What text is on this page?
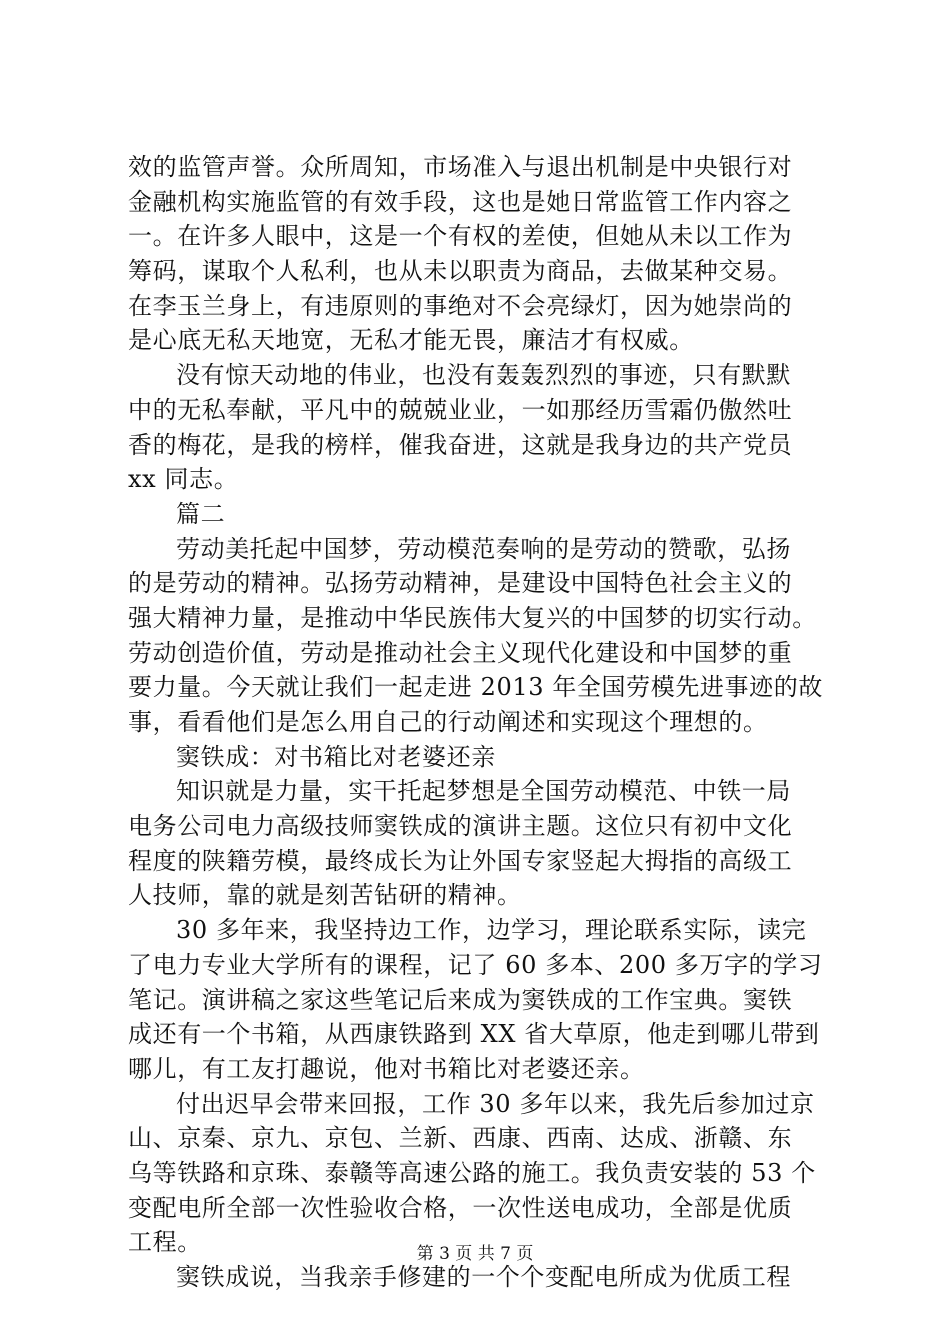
效的监管声誉。众所周知，市场准入与退出机制是中央银行对
金融机构实施监管的有效手段，这也是她日常监管工作内容之
一。在许多人眼中，这是一个有权的差使，但她从未以工作为
筹码，谋取个人私利，也从未以职责为商品，去做某种交易。
在李玉兰身上，有违原则的事绝对不会亮绿灯，因为她崇尚的
是心底无私天地宽，无私才能无畏，廉洁才有权威。
没有惊天动地的伟业，也没有轰轰烈烈的事迹，只有默默
中的无私奉献，平凡中的兢兢业业，一如那经历雪霜仍傲然吐
香的梅花，是我的榜样，催我奋进，这就是我身边的共产党员
xx 同志。
篇二
劳动美托起中国梦，劳动模范奏响的是劳动的赞歌，弘扬
的是劳动的精神。弘扬劳动精神，是建设中国特色社会主义的
强大精神力量，是推动中华民族伟大复兴的中国梦的切实行动。
劳动创造价值，劳动是推动社会主义现代化建设和中国梦的重
要力量。今天就让我们一起走进 2013 年全国劳模先进事迹的故
事，看看他们是怎么用自己的行动阐述和实现这个理想的。
窦铁成：对书箱比对老婆还亲
知识就是力量，实干托起梦想是全国劳动模范、中铁一局
电务公司电力高级技师窦铁成的演讲主题。这位只有初中文化
程度的陕籍劳模，最终成长为让外国专家竖起大拇指的高级工
人技师，靠的就是刻苦钻研的精神。
30 多年来，我坚持边工作，边学习，理论联系实际，读完
了电力专业大学所有的课程，记了 60 多本、200 多万字的学习
笔记。演讲稿之家这些笔记后来成为窦铁成的工作宝典。窦铁
成还有一个书箱，从西康铁路到 XX 省大草原，他走到哪儿带到
哪儿，有工友打趣说，他对书箱比对老婆还亲。
付出迟早会带来回报，工作 30 多年以来，我先后参加过京
山、京秦、京九、京包、兰新、西康、西南、达成、浙赣、东
乌等铁路和京珠、泰赣等高速公路的施工。我负责安装的 53 个
变配电所全部一次性验收合格，一次性送电成功，全部是优质
工程。
窦铁成说，当我亲手修建的一个个变配电所成为优质工程
第 3 页 共 7 页
